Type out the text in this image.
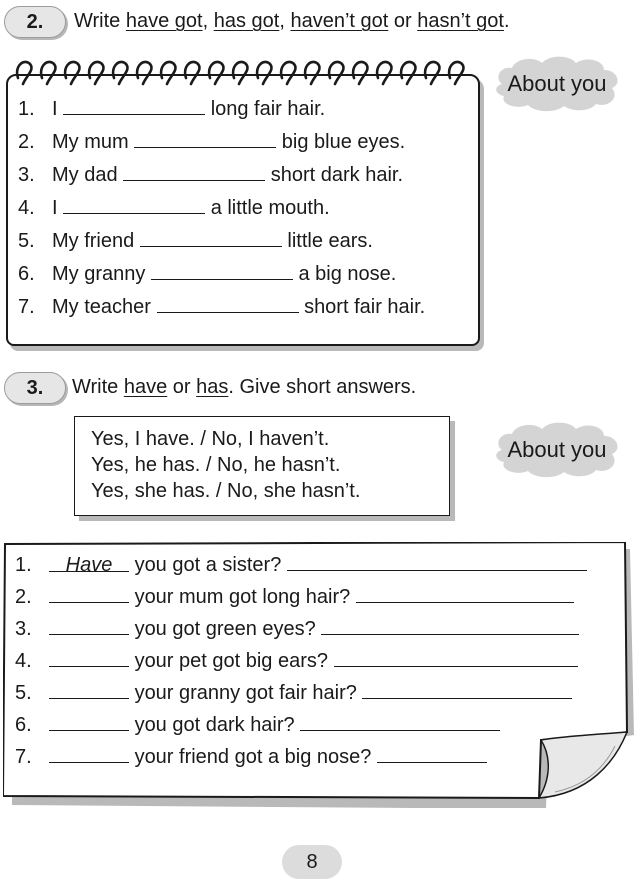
2.	Write have got, has got, haven’t got or hasn’t got.
1. I	long fair hair.
2. My mum	big blue eyes.
3. My dad	short dark hair.
4. I	a little mouth.
5. My friend	little ears.
6. My granny	a big nose.
7. My teacher	short fair hair.
About you
3.	Write have or has. Give short answers.
Yes, I have. / No, I haven’t.
Yes, he has. / No, he hasn’t.
Yes, she has. / No, she hasn’t.
About you
1. Have you got a sister?
2.	your mum got long hair?
3.	you got green eyes?
4.	your pet got big ears?
5.	your granny got fair hair?
6.	you got dark hair?
7.	your friend got a big nose?
8
